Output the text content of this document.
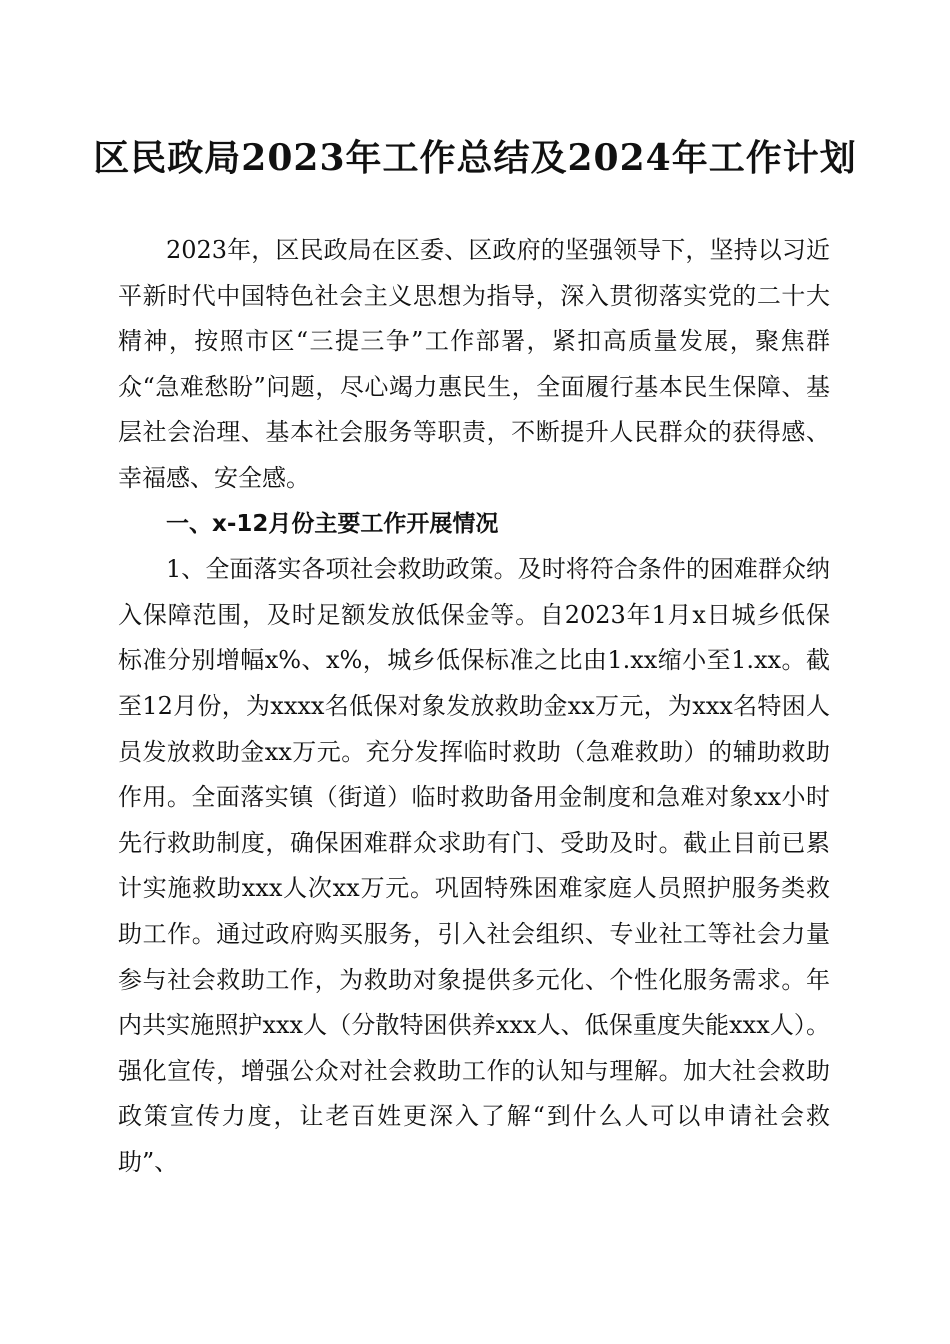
区民政局2023年工作总结及2024年工作计划

2023年，区民政局在区委、区政府的坚强领导下，坚持以习近平新时代中国特色社会主义思想为指导，深入贯彻落实党的二十大精神，按照市区“三提三争”工作部署，紧扣高质量发展，聚焦群众“急难愁盼”问题，尽心竭力惠民生，全面履行基本民生保障、基层社会治理、基本社会服务等职责，不断提升人民群众的获得感、幸福感、安全感。

一、x-12月份主要工作开展情况

1、全面落实各项社会救助政策。及时将符合条件的困难群众纳入保障范围，及时足额发放低保金等。自2023年1月x日城乡低保标准分别增幅x%、x%，城乡低保标准之比由1.xx缩小至1.xx。截至12月份，为xxxx名低保对象发放救助金xx万元，为xxx名特困人员发放救助金xx万元。充分发挥临时救助（急难救助）的辅助救助作用。全面落实镇（街道）临时救助备用金制度和急难对象xx小时先行救助制度，确保困难群众求助有门、受助及时。截止目前已累计实施救助xxx人次xx万元。巩固特殊困难家庭人员照护服务类救助工作。通过政府购买服务，引入社会组织、专业社工等社会力量参与社会救助工作，为救助对象提供多元化、个性化服务需求。年内共实施照护xxx人（分散特困供养xxx人、低保重度失能xxx人）。强化宣传，增强公众对社会救助工作的认知与理解。加大社会救助政策宣传力度，让老百姓更深入了解“到什么人可以申请社会救助”、
